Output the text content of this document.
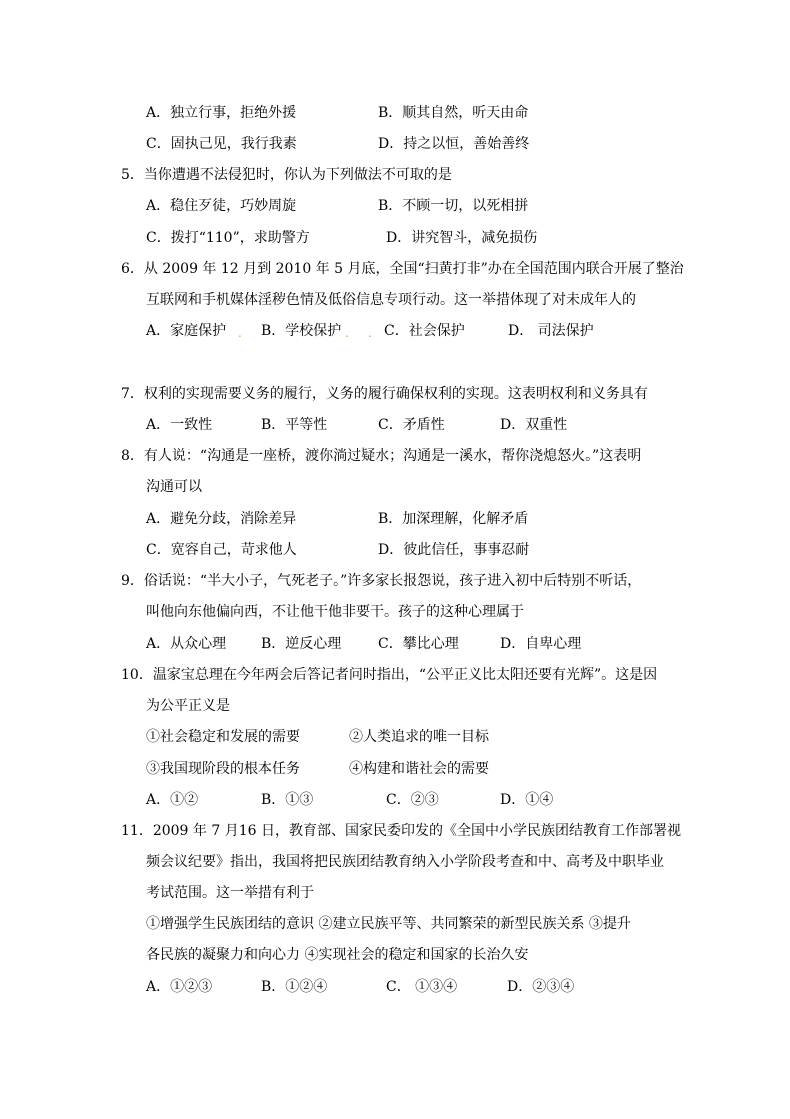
A．独立行事，拒绝外援	B．顺其自然，听天由命
C．固执己见，我行我素	D．持之以恒，善始善终
5．当你遭遇不法侵犯时，你认为下列做法不可取的是
A．稳住歹徒，巧妙周旋	B．不顾一切，以死相拼
C．拨打“110”，求助警方	D．讲究智斗，减免损伤
6．从 2009 年 12 月到 2010 年 5 月底，全国“扫黄打非”办在全国范围内联合开展了整治
互联网和手机媒体淫秽色情及低俗信息专项行动。这一举措体现了对未成年人的
A．家庭保护 . B．学校保护 . . C．社会保护	D． 司法保护
7．权利的实现需要义务的履行，义务的履行确保权利的实现。这表明权利和义务具有
A．一致性	B．平等性	C．矛盾性	D．双重性
8．有人说：“沟通是一座桥，渡你淌过疑水；沟通是一溪水，帮你浇熄怒火。”这表明
沟通可以
A．避免分歧，消除差异	B．加深理解，化解矛盾
C．宽容自己，苛求他人	D．彼此信任，事事忍耐
9．俗话说：“半大小子，气死老子。”许多家长报怨说，孩子进入初中后特别不听话，
叫他向东他偏向西，不让他干他非要干。孩子的这种心理属于
A．从众心理 B．逆反心理	C．攀比心理	D．自卑心理
10．温家宝总理在今年两会后答记者问时指出，“公平正义比太阳还要有光辉”。这是因
为公平正义是
①社会稳定和发展的需要	②人类追求的唯一目标
③我国现阶段的根本任务	④构建和谐社会的需要
A．①②	B．①③	C．②③	D．①④
11．2009 年 7 月16 日，教育部、国家民委印发的《全国中小学民族团结教育工作部署视
频会议纪要》指出，我国将把民族团结教育纳入小学阶段考查和中、高考及中职毕业
考试范围。这一举措有利于
①增强学生民族团结的意识 ②建立民族平等、共同繁荣的新型民族关系 ③提升
各民族的凝聚力和向心力 ④实现社会的稳定和国家的长治久安
A．①②③	B．①②④	C． ①③④	D．②③④
